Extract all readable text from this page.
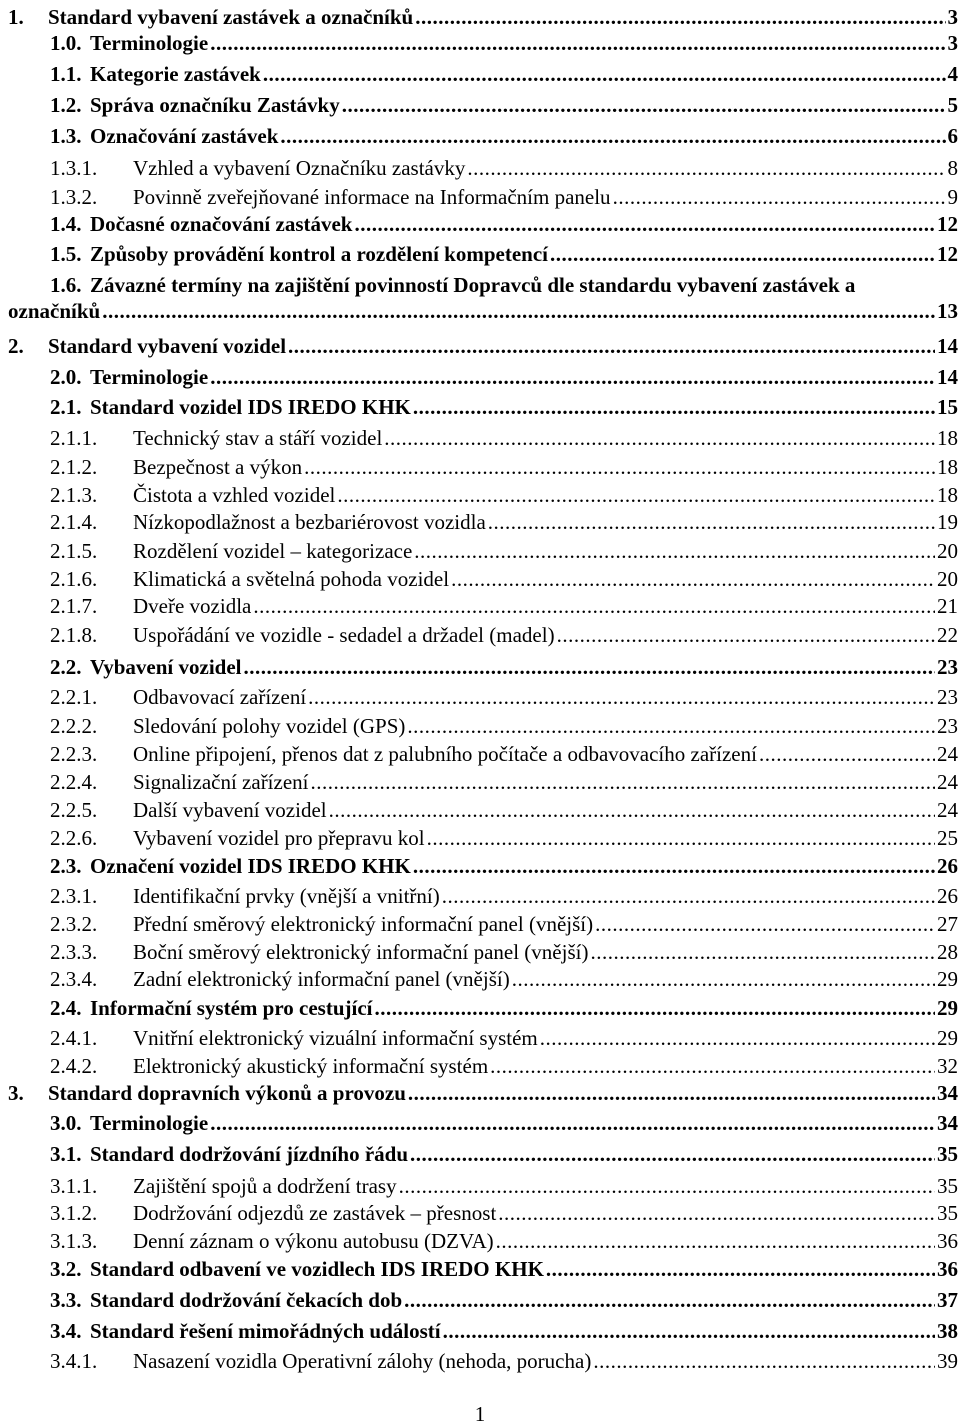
1.	Standard vybavení zastávek a označníků .....	3
1.0. Terminologie .....	3
1.1. Kategorie zastávek .....	4
1.2. Správa označníku Zastávky .....	5
1.3. Označování zastávek .....	6
1.3.1.	Vzhled a vybavení Označníku zastávky .....	8
1.3.2.	Povinně zveřejňované informace na Informačním panelu .....	9
1.4. Dočasné označování zastávek .....	12
1.5. Způsoby provádění kontrol a rozdělení kompetencí .....	12
1.6. Závazné termíny na zajištění povinností Dopravců dle standardu vybavení zastávek a
označníků .....	13
2.	Standard vybavení vozidel .....	14
2.0. Terminologie .....	14
2.1. Standard vozidel IDS IREDO KHK .....	15
2.1.1.	Technický stav a stáří vozidel .....	18
2.1.2.	Bezpečnost a výkon .....	18
2.1.3.	Čistota a vzhled vozidel .....	18
2.1.4.	Nízkopodlažnost a bezbariérovost vozidla .....	19
2.1.5.	Rozdělení vozidel – kategorizace .....	20
2.1.6.	Klimatická a světelná pohoda vozidel .....	20
2.1.7.	Dveře vozidla .....	21
2.1.8.	Uspořádání ve vozidle - sedadel a držadel (madel) .....	22
2.2. Vybavení vozidel .....	23
2.2.1.	Odbavovací zařízení .....	23
2.2.2.	Sledování polohy vozidel (GPS) .....	23
2.2.3.	Online připojení, přenos dat z palubního počítače a odbavovacího zařízení .....	24
2.2.4.	Signalizační zařízení .....	24
2.2.5.	Další vybavení vozidel .....	24
2.2.6.	Vybavení vozidel pro přepravu kol .....	25
2.3. Označení vozidel IDS IREDO KHK .....	26
2.3.1.	Identifikační prvky (vnější a vnitřní) .....	26
2.3.2.	Přední směrový elektronický informační panel (vnější) .....	27
2.3.3.	Boční směrový elektronický informační panel (vnější) .....	28
2.3.4.	Zadní elektronický informační panel (vnější) .....	29
2.4. Informační systém pro cestující .....	29
2.4.1.	Vnitřní elektronický vizuální informační systém .....	29
2.4.2.	Elektronický akustický informační systém .....	32
3.	Standard dopravních výkonů a provozu .....	34
3.0. Terminologie .....	34
3.1. Standard dodržování jízdního řádu .....	35
3.1.1.	Zajištění spojů a dodržení trasy .....	35
3.1.2.	Dodržování odjezdů ze zastávek – přesnost .....	35
3.1.3.	Denní záznam o výkonu autobusu (DZVA) .....	36
3.2. Standard odbavení ve vozidlech IDS IREDO KHK .....	36
3.3. Standard dodržování čekacích dob .....	37
3.4. Standard řešení mimořádných událostí .....	38
3.4.1.	Nasazení vozidla Operativní zálohy (nehoda, porucha) .....	39
1
